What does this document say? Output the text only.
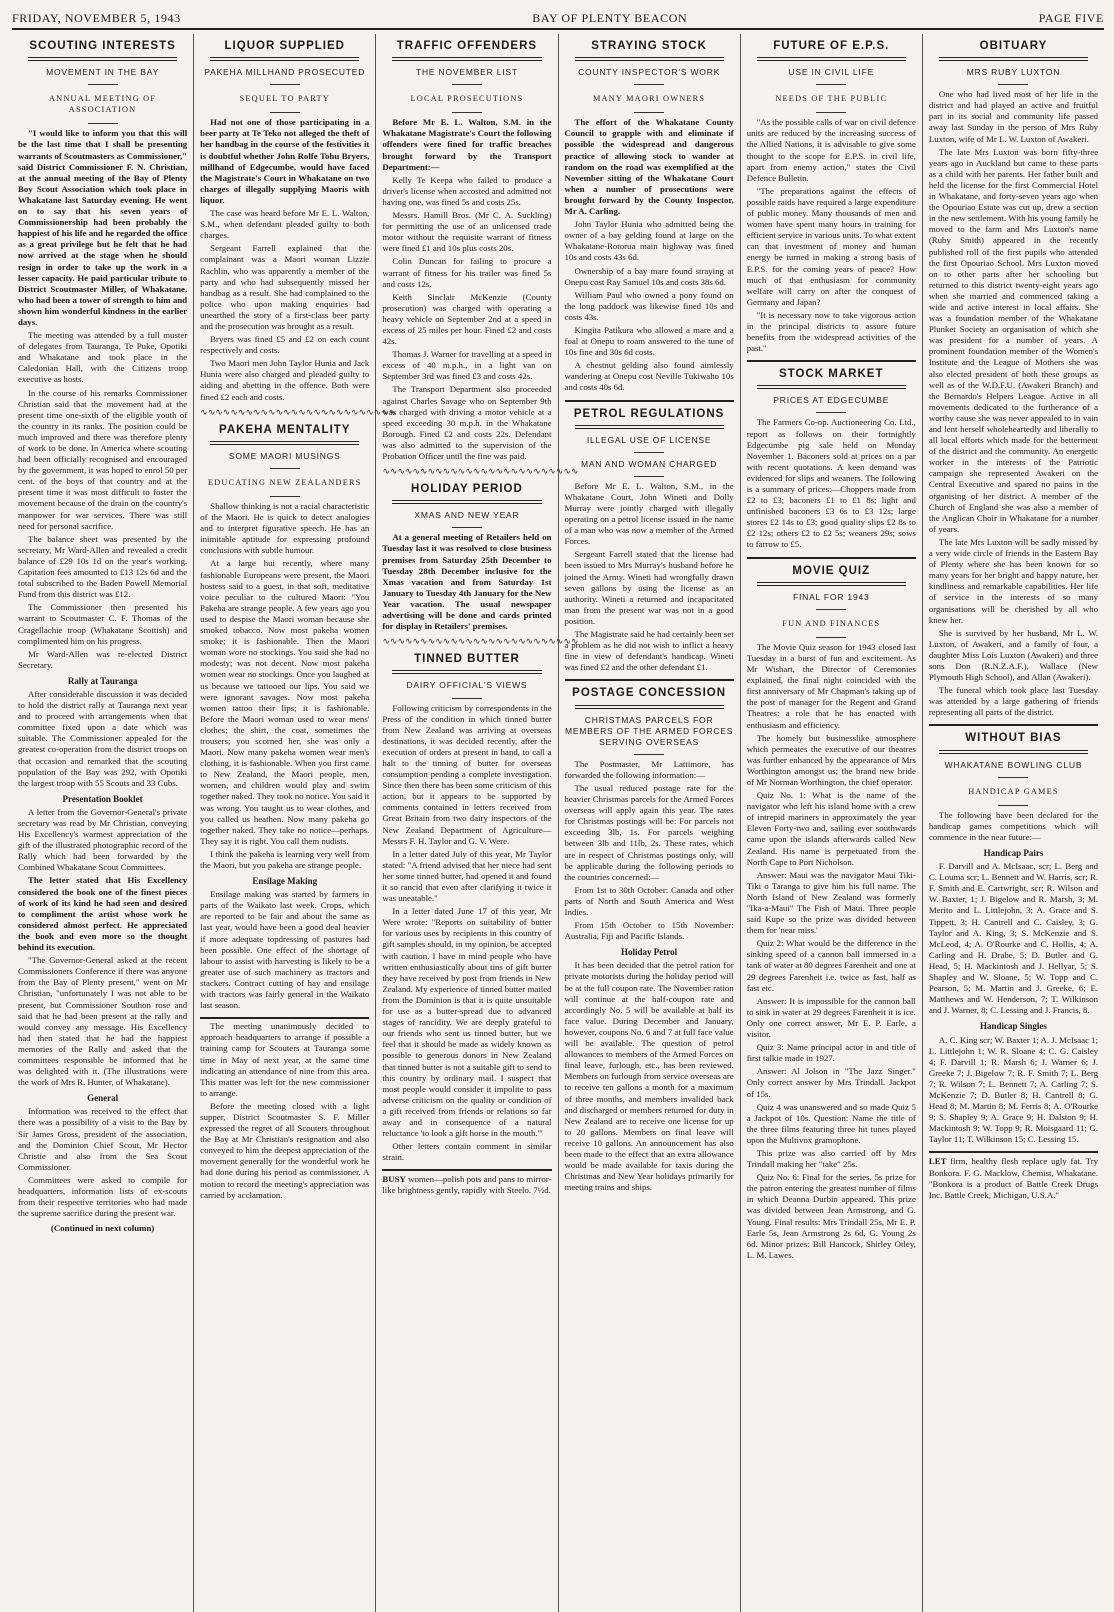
FRIDAY, NOVEMBER 5, 1943	BAY OF PLENTY BEACON	PAGE FIVE
SCOUTING INTERESTS
MOVEMENT IN THE BAY
ANNUAL MEETING OF ASSOCIATION

"I would like to inform you that this will be the last time that I shall be presenting warrants of Scoutmasters as Commissioner," said District Commissioner F. N. Christian, at the annual meeting of the Bay of Plenty Boy Scout Association which took place in Whakatane last Saturday evening. He went on to say that his seven years of Commissionership had been probably the happiest of his life and he regarded the office as a great privilege but he felt that he had now arrived at the stage when he should resign in order to take up the work in a lesser capacity. He paid particular tribute to District Scoutmaster Miller, of Whakatane, who had been a tower of strength to him and shown him wonderful kindness in the earlier days.

The meeting was attended by a full muster of delegates from Tauranga, Te Puke, Opotiki and Whakatane and took place in the Caledonian Hall, with the Citizens troop executive as hosts.

In the course of his remarks Commissioner Christian said that the movement had at the present time one-sixth of the eligible youth of the country in its ranks. The position could be much improved and there was therefore plenty of work to be done. In America where scouting had been officially recognised and encouraged by the government, it was hoped to enrol 50 per cent. of the boys of that country and at the present time it was most difficult to foster the movement because of the drain on the country's manpower for war services. There was still need for personal sacrifice.

The balance sheet was presented by the secretary, Mr Ward-Allen and revealed a credit balance of £29 10s 1d on the year's working. Capitation fees amounted to £13 12s 6d and the total subscribed to the Baden Powell Memorial Fund from this district was £12.

The Commissioner then presented his warrant to Scoutmaster C. F. Thomas of the Cragellachie troop (Whakatane Scottish) and complimented him on his progress.

Mr Ward-Allen was re-elected District Secretary.

Rally at Tauranga

After considerable discussion it was decided to hold the district rally at Tauranga next year and to proceed with arrangements when that committee fixed upon a date which was suitable. The Commissioner appealed for the greatest co-operation from the district troops on that occasion and remarked that the scouting population of the Bay was 292, with Opotiki the largest troop with 55 Scouts and 33 Cubs.

Presentation Booklet

A letter from the Governor-General's private secretary was read by Mr Christian, conveying His Excellency's warmest appreciation of the gift of the illustrated photographic record of the Rally which had been forwarded by the Combined Whakatane Scout Committees.

The letter stated that His Excellency considered the book one of the finest pieces of work of its kind he had seen and desired to compliment the artist whose work he considered almost perfect. He appreciated the book and even more so the thought behind its execution.

"The Governor-General asked at the recent Commissioners Conference if there was anyone from the Bay of Plenty present," went on Mr Christian, "unfortunately I was not able to be present, but Commissioner Southon rose and said that he had been present at the rally and would convey any message. His Excellency had then stated that he had the happiest memories of the Rally and asked that the committees responsible be informed that he was delighted with it. (The illustrations were the work of Mrs R. Hunter, of Whakatane).

General

Information was received to the effect that there was a possibility of a visit to the Bay by Sir James Gross, president of the association, and the Dominion Chief Scout, Mr Hector Christie and also from the Sea Scout Commissioner.

Committees were asked to compile for headquarters, information lists of ex-scouts from their respective territories who had made the supreme sacrifice during the present war.

(Continued in next column)
LIQUOR SUPPLIED
PAKEHA MILLHAND PROSECUTED
SEQUEL TO PARTY

Had not one of those participating in a beer party at Te Teko not alleged the theft of her handbag in the course of the festivities it is doubtful whether John Rolfe Tohu Bryers, millhand of Edgecumbe, would have faced the Magistrate's Court in Whakatane on two charges of illegally supplying Maoris with liquor.

The case was heard before Mr E. L. Walton, S.M., when defendant pleaded guilty to both charges.

Sergeant Farrell explained that the complainant was a Maori woman Lizzie Rachlin, who was apparently a member of the party and who had subsequently missed her handbag as a result. She had complained to the police who upon making enquiries had unearthed the story of a first-class beer party and the prosecution was brought as a result.

Bryers was fined £5 and £2 on each count respectively and costs.

Two Maori men John Taylor Hunia and Jack Hunia were also charged and pleaded guilty to aiding and abetting in the offence. Both were fined £2 each and costs.

∿∿∿∿∿∿∿∿∿∿∿∿∿∿∿∿∿∿∿∿∿∿∿∿∿∿
PAKEHA MENTALITY
SOME MAORI MUSINGS
EDUCATING NEW ZEALANDERS

Shallow thinking is not a racial characteristic of the Maori. He is quick to detect analogies and to interpret figurative speech. He has an inimitable aptitude for expressing profound conclusions with subtle humour.

At a large hui recently, where many fashionable Europeans were present, the Maori hostess said to a guest, in that soft, meditative voice peculiar to the cultured Maori: "You Pakeha are strange people. A few years ago you used to despise the Maori woman because she smoked tobacco. Now most pakeha women smoke; it is fashionable. Then the Maori woman wore no stockings. You said she had no modesty; was not decent. Now most pakeha women wear no stockings. Once you laughed at us because we tattooed our lips. You said we were ignorant savages. Now most pakeha women tattoo their lips; it is fashionable. Before the Maori woman used to wear mens' clothes; the shirt, the coat, sometimes the trousers; you scorned her, she was only a Maori. Now many pakeha women wear men's clothing, it is fashionable. When you first came to New Zealand, the Maori people, men, women, and children would play and swim together naked. They took no notice. You said it was wrong. You taught us to wear clothes, and you called us heathen. Now many pakeha go together naked. They take no notice—perhaps. They say it is right. You call them nudists.

I think the pakeha is learning very well from the Maori, but you pakeha are strange people.

Ensilage Making

Ensilage making was started by farmers in parts of the Waikato last week. Crops, which are reported to be fair and about the same as last year, would have been a good deal heavier if more adequate topdressing of pastures had been possible. One effect of the shortage of labour to assist with harvesting is likely to be a greater use of such machinery as tractors and stackers. Contract cutting of hay and ensilage with tractors was fairly general in the Waikato last season.

The meeting unanimously decided to approach headquarters to arrange if possible a training camp for Scouters at Tauranga some time in May of next year, at the same time indicating an attendance of nine from this area. This matter was left for the new commissioner to arrange.

Before the meeting closed with a light supper, District Scoutmaster S. F. Miller expressed the regret of all Scouters throughout the Bay at Mr Christian's resignation and also conveyed to him the deepest appreciation of the movement generally for the wonderful work he had done during his period as commissioner. A motion to record the meeting's appreciation was carried by acclamation.

TRAFFIC OFFENDERS
THE NOVEMBER LIST
LOCAL PROSECUTIONS

Before Mr E. L. Walton, S.M. in the Whakatane Magistrate's Court the following offenders were fined for traffic breaches brought forward by the Transport Department:—

Kelly Te Keepa who failed to produce a driver's license when accosted and admitted not having one, was fined 5s and costs 25s.

Messrs. Hamill Bros. (Mr C. A. Suckling) for permitting the use of an unlicensed trade motor without the requisite warrant of fitness were fined £1 and 10s plus costs 20s.

Colin Duncan for failing to procure a warrant of fitness for his trailer was fined 5s and costs 12s.

Keith Sinclair McKenzie (County prosecution) was charged with operating a heavy vehicle on September 2nd at a speed in excess of 25 miles per hour. Fined £2 and costs 42s.

Thomas J. Warner for travelling at a speed in excess of 40 m.p.h., in a light van on September 3rd was fined £3 and costs 42s.

The Transport Department also proceeded against Charles Savage who on September 9th was charged with driving a motor vehicle at a speed exceeding 30 m.p.h. in the Whakatane Borough. Fined £2 and costs 22s. Defendant was also admitted to the supervision of the Probation Officer until the fine was paid.

∿∿∿∿∿∿∿∿∿∿∿∿∿∿∿∿∿∿∿∿∿∿∿∿∿∿
HOLIDAY PERIOD
XMAS AND NEW YEAR

At a general meeting of Retailers held on Tuesday last it was resolved to close business premises from Saturday 25th December to Tuesday 28th December inclusive for the Xmas vacation and from Saturday 1st January to Tuesday 4th January for the New Year vacation. The usual newspaper advertising will be done and cards printed for display in Retailers' premises.

∿∿∿∿∿∿∿∿∿∿∿∿∿∿∿∿∿∿∿∿∿∿∿∿∿∿
TINNED BUTTER
DAIRY OFFICIAL'S VIEWS

Following criticism by correspondents in the Press of the condition in which tinned butter from New Zealand was arriving at overseas destinations, it was decided recently, after the execution of orders at present in hand, to call a halt to the tinning of butter for overseas consumption pending a complete investigation. Since then there has been some criticism of this action, but it appears to be supported by comments contained in letters received from Great Britain from two dairy inspectors of the New Zealand Department of Agriculture—Messrs F. H. Taylor and G. V. Were.

In a letter dated July of this year, Mr Taylor stated: "A friend advised that her niece had sent her some tinned butter, had opened it and found it so rancid that even after clarifying it twice it was uneatable."

In a letter dated June 17 of this year, Mr Were wrote: "Reports on suitability of butter for various uses by recipients in this country of gift samples should, in my opinion, be accepted with caution. I have in mind people who have written enthusiastically about tins of gift butter they have received by post from friends in New Zealand. My experience of tinned butter mailed from the Dominion is that it is quite unsuitable for use as a butter-spread due to advanced stages of rancidity. We are deeply grateful to our friends who sent us tinned butter, but we feel that it should be made as widely known as possible to generous donors in New Zealand that tinned butter is not a suitable gift to send to this country by ordinary mail. I suspect that most people would consider it impolite to pass adverse criticism on the quality or condition of a gift received from friends or relations so far away and in consequence of a natural reluctance 'to look a gift horse in the mouth.'"

Other letters contain comment in similar strain.

BUSY women—polish pots and pans to mirror-like brightness gently, rapidly with Steelo. 7½d.
STRAYING STOCK
COUNTY INSPECTOR'S WORK
MANY MAORI OWNERS

The effort of the Whakatane County Council to grapple with and eliminate if possible the widespread and dangerous practice of allowing stock to wander at random on the road was exemplified at the November sitting of the Whakatane Court when a number of prosecutions were brought forward by the County Inspector, Mr A. Carling.

John Taylor Hunia who admitted being the owner of a bay gelding found at large on the Whakatane-Rotorua main highway was fined 10s and costs 43s 6d.

Ownership of a bay mare found straying at Onepu cost Ray Samuel 10s and costs 38s 6d.

William Paul who owned a pony found on the long paddock was likewise fined 10s and costs 43s.

Kingita Patikura who allowed a mare and a foal at Onepu to roam answered to the tune of 10s fine and 30s 6d costs.

A chestnut gelding also found aimlessly wandering at Onepu cost Neville Tukiwaho 10s and costs 40s 6d.

PETROL REGULATIONS
ILLEGAL USE OF LICENSE
MAN AND WOMAN CHARGED

Before Mr E. L. Walton, S.M., in the Whakatane Court, John Wineti and Dolly Murray were jointly charged with illegally operating on a petrol license issued in the name of a man who was now a member of the Armed Forces.

Sergeant Farrell stated that the license had been issued to Mrs Murray's husband before he joined the Army. Wineti had wrongfully drawn seven gallons by using the license as an authority. Wineti a returned and incapacitated man from the present war was not in a good position.

The Magistrate said he had certainly been set a problem as he did not wish to inflict a heavy fine in view of defendant's handicap. Wineti was fined £2 and the other defendant £1.

POSTAGE CONCESSION
CHRISTMAS PARCELS FOR MEMBERS OF THE ARMED FORCES SERVING OVERSEAS

The Postmaster, Mr Lattimore, has forwarded the following information:—

The usual reduced postage rate for the heavier Christmas parcels for the Armed Forces overseas will apply again this year. The rates for Christmas postings will be: For parcels not exceeding 3lb, 1s. For parcels weighing between 3lb and 11lb, 2s. These rates, which are in respect of Christmas postings only, will be applicable during the following periods to the countries concerned:—

From 1st to 30th October: Canada and other parts of North and South America and West Indies.

From 15th October to 15th November: Australia, Fiji and Pacific Islands.

Holiday Petrol

It has been decided that the petrol ration for private motorists during the holiday period will be at the full coupon rate. The November ration will continue at the half-coupon rate and accordingly No. 5 will be available at half its face value. During December and January, however, coupons No. 6 and 7 at full face value will be available. The question of petrol allowances to members of the Armed Forces on final leave, furlough, etc., has been reviewed. Members on furlough from service overseas are to receive ten gallons a month for a maximum of three months, and members invalided back and discharged or members returned for duty in New Zealand are to receive one license for up to 20 gallons. Members on final leave will receive 10 gallons. An announcement has also been made to the effect that an extra allowance would be made available for taxis during the Christmas and New Year holidays primarily for meeting trains and ships.

FUTURE OF E.P.S.
USE IN CIVIL LIFE
NEEDS OF THE PUBLIC

"As the possible calls of war on civil defence units are reduced by the increasing success of the Allied Nations, it is advisable to give some thought to the scope for E.P.S. in civil life, apart from enemy action," states the Civil Defence Bulletin.

"The preparations against the effects of possible raids have required a large expenditure of public money. Many thousands of men and women have spent many hours in training for efficient service in various units. To what extent can that investment of money and human energy be turned in making a strong basis of E.P.S. for the coming years of peace? How much of that enthusiasm for community welfare will carry on after the conquest of Germany and Japan?

"It is necessary now to take vigorous action in the principal districts to assure future benefits from the widespread activities of the past."

STOCK MARKET
PRICES AT EDGECUMBE

The Farmers Co-op. Auctioneering Co. Ltd., report as follows on their fortnightly Edgecumbe pig sale held on Monday November 1. Baconers sold at prices on a par with recent quotations. A keen demand was evidenced for slips and weaners. The following is a summary of prices:—Choppers made from £2 to £3; baconers £1 to £1 8s; light and unfinished baconers £3 6s to £3 12s; large stores £2 14s to £3; good quality slips £2 8s to £2 12s; others £2 to £2 5s; weaners 29s; sows to farrow to £5.

MOVIE QUIZ
FINAL FOR 1943
FUN AND FINANCES

The Movie Quiz season for 1943 closed last Tuesday in a burst of fun and excitement. As Mr Wishart, the Director of Ceremonies explained, the final night coincided with the first anniversary of Mr Chapman's taking up of the post of manager for the Regent and Grand Theatres: a role that he has enacted with enthusiasm and efficiency.

The homely but businesslike atmosphere which permeates the executive of our theatres was further enhanced by the appearance of Mrs Worthington amongst us; the brand new bride of Mr Norman Worthington, the chief operator.

Quiz No. 1: What is the name of the navigator who left his island home with a crew of intrepid mariners in approximately the year Eleven Forty-two and, sailing ever southwards came upon the islands afterwards called New Zealand. His name is perpetuated from the North Cape to Port Nicholson.

Answer: Maui was the navigator Maui Tiki-Tiki o Taranga to give him his full name. The North Island of New Zealand was formerly "Ika-a-Maui" The Fish of Maui. Three people said Kupe so the prize was divided between them for 'near miss.'

Quiz 2: What would be the difference in the sinking speed of a cannon ball immersed in a tank of water at 80 degrees Farenheit and one at 29 degrees Farenheit i.e. twice as fast, half as fast etc.

Answer: It is impossible for the cannon ball to sink in water at 29 degrees Farenheit it is ice. Only one correct answer, Mr E. P. Earle, a visitor.

Quiz 3: Name principal actor in and title of first talkie made in 1927.

Answer: Al Jolson in "The Jazz Singer." Only correct answer by Mrs Trindall. Jackpot of 15s.

Quiz 4 was unanswered and so made Quiz 5 a Jackpot of 10s. Question: Name the title of the three films featuring three hit tunes played upon the Multivox gramophone.

This prize was also carried off by Mrs Trindall making her "take" 25s.

Quiz No. 6: Final for the series. 5s prize for the patron entering the greatest number of films in which Deanna Durbin appeared. This prize was divided between Jean Armstrong, and G. Young. Final results: Mrs Trindall 25s, Mr E. P. Earle 5s, Jean Armstrong 2s 6d, G. Young 2s 6d. Minor prizes: Bill Hancock, Shirley Otley, L. M. Lawes.

OBITUARY
MRS RUBY LUXTON

One who had lived most of her life in the district and had played an active and fruitful part in its social and community life passed away last Sunday in the person of Mrs Ruby Luxton, wife of Mr L. W. Luxton of Awakeri.

The late Mrs Luxton was born fifty-three years ago in Auckland but came to these parts as a child with her parents. Her father built and held the license for the first Commercial Hotel in Whakatane, and forty-seven years ago when the Opouriao Estate was cut up, drew a section in the new settlement. With his young family he moved to the farm and Mrs Luxton's name (Ruby Smith) appeared in the recently published roll of the first pupils who attended the first Opouriao School. Mrs Luxton moved on to other parts after her schooling but returned to this district twenty-eight years ago when she married and commenced taking a wide and active interest in local affairs. She was a foundation member of the Whakatane Plunket Society an organisation of which she was president for a number of years. A prominent foundation member of the Women's Institute and the League of Mothers she was also elected president of both these groups as well as of the W.D.F.U. (Awakeri Branch) and the Bernardo's Helpers League. Active in all movements dedicated to the furtherance of a worthy cause she was never appealed to in vain and lent herself wholeheartedly and liberally to all local efforts which made for the betterment of the district and the community. An energetic worker in the interests of the Patriotic campaign she represented Awakeri on the Central Executive and spared no pains in the organising of her district. A member of the Church of England she was also a member of the Anglican Choir in Whakatane for a number of years.

The late Mrs Luxton will be sadly missed by a very wide circle of friends in the Eastern Bay of Plenty where she has been known for so many years for her bright and happy nature, her kindliness and remarkable capabilities. Her life of service in the interests of so many organisations will be cherished by all who knew her.

She is survived by her husband, Mr L. W. Luxton, of Awakeri, and a family of four, a daughter Miss Lois Luxton (Awakeri) and three sons Don (R.N.Z.A.F.), Wallace (New Plymouth High School), and Allan (Awakeri).

The funeral which took place last Tuesday was attended by a large gathering of friends representing all parts of the district.

WITHOUT BIAS
WHAKATANE BOWLING CLUB
HANDICAP GAMES

The following have been declared for the handicap games competitions which will commence in the near future:—

Handicap Pairs

F. Darvill and A. McIsaac, scr; L. Berg and C. Louma scr; L. Bennett and W. Harris, scr; R. F. Smith and E. Cartwright, scr; R. Wilson and W. Baxter, 1; J. Bigelow and R. Marsh, 3; M. Merito and L. Littlejohn, 3; A. Grace and S. Tippett, 3; H. Cantrell and C. Caisley, 3; G. Taylor and A. King, 3; S. McKenzie and S. McLeod, 4; A. O'Rourke and C. Hollis, 4; A. Carling and H. Drabe, 5; D. Butler and G. Head, 5; H. Mackintosh and J. Hellyar, 5; S. Shapley and W. Sloane, 5; W. Topp and C. Pearson, 5; M. Martin and J. Greeke, 6; E. Matthews and W. Henderson, 7; T. Wilkinson and J. Warner, 8; C. Lessing and J. Francis, 8.

Handicap Singles

A. C. King scr; W. Baxter 1; A. J. McIsaac 1; L. Littlejohn 1; W. R. Sloane 4; C. G. Caisley 4; F. Darvill 1; R. Marsh 6; J. Warner 6; J. Greeke 7; J. Bigelow 7; R. F. Smith 7; L. Berg 7; R. Wilson 7; L. Bennett 7; A. Carling 7; S. McKenzie 7; D. Butler 8; H. Cantrell 8; G. Head 8; M. Martin 8; M. Ferris 8; A. O'Rourke 9; S. Shapley 9; A. Grace 9; H. Dalston 9; H. Mackintosh 9; W. Topp 9; R. Moisgaard 11; G. Taylor 11; T. Wilkinson 15; C. Lessing 15.

LET firm, healthy flesh replace ugly fat. Try Bonkora. F. G. Macklow, Chemist, Whakatane. "Bonkora is a product of Battle Creek Drugs Inc. Battle Creek, Michigan, U.S.A."
